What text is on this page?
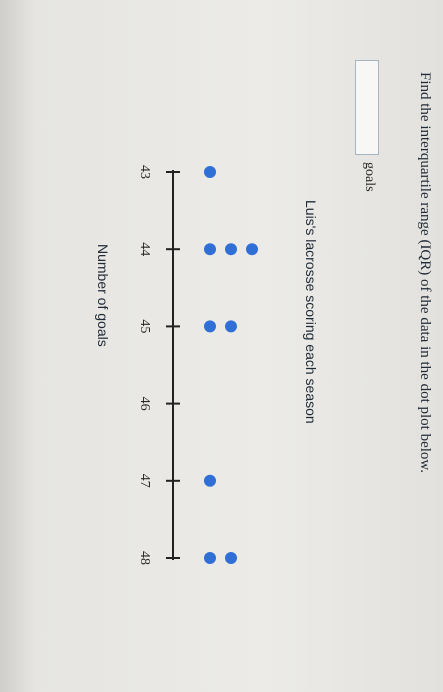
Find the interquartile range (IQR) of the data in the dot plot below.
goals
Luis's lacrosse scoring each season
43
44
45
46
47
48
Number of goals
